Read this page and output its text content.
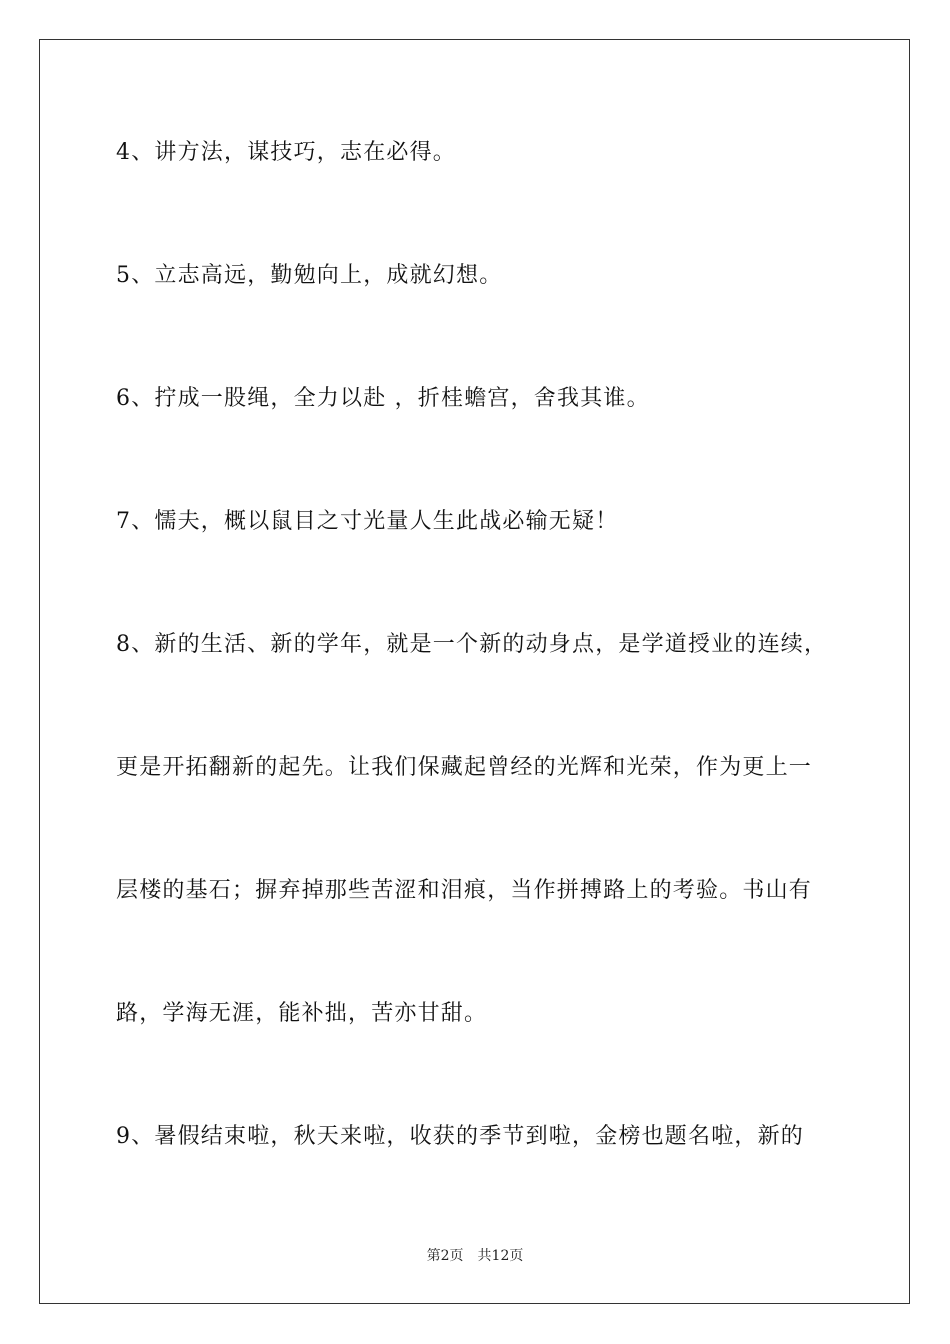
4、讲方法，谋技巧，志在必得。
5、立志高远，勤勉向上，成就幻想。
6、拧成一股绳，全力以赴 ，折桂蟾宫，舍我其谁。
7、懦夫，概以鼠目之寸光量人生此战必输无疑！
8、新的生活、新的学年，就是一个新的动身点，是学道授业的连续，
更是开拓翻新的起先。让我们保藏起曾经的光辉和光荣，作为更上一
层楼的基石；摒弃掉那些苦涩和泪痕，当作拼搏路上的考验。书山有
路，学海无涯，能补拙，苦亦甘甜。
9、暑假结束啦，秋天来啦，收获的季节到啦，金榜也题名啦，新的
第2页 共12页
